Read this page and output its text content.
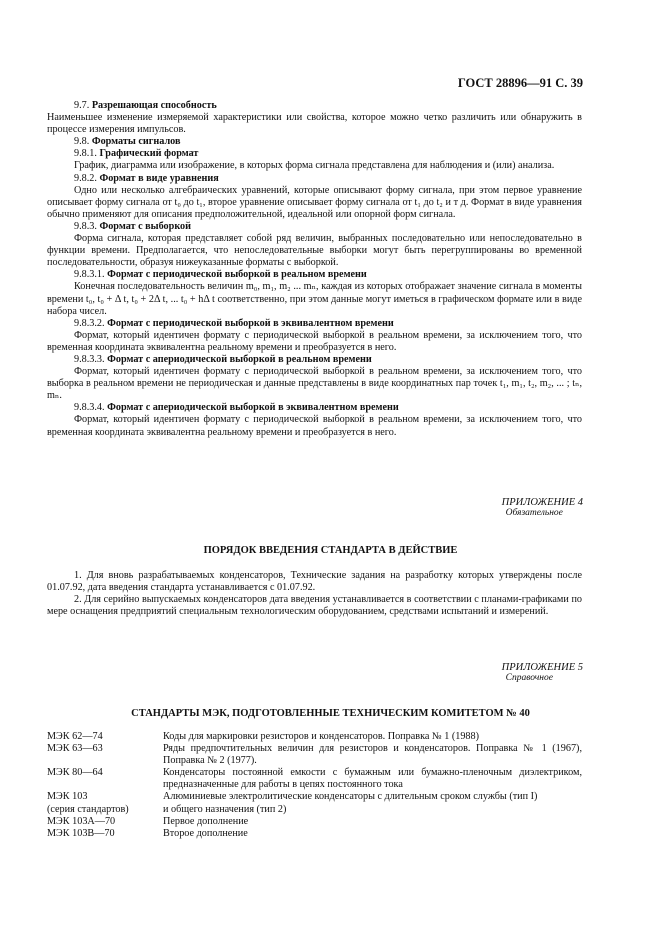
ГОСТ 28896—91 С. 39

9.7. Разрешающая способность

Наименьшее изменение измеряемой характеристики или свойства, которое можно четко различить или обнаружить в процессе измерения импульсов.

9.8. Форматы сигналов

9.8.1. Графический формат

График, диаграмма или изображение, в которых форма сигнала представлена для наблюдения и (или) анализа.

9.8.2. Формат в виде уравнения

Одно или несколько алгебраических уравнений, которые описывают форму сигнала, при этом первое уравнение описывает форму сигнала от t₀ до t₁, второе уравнение описывает форму сигнала от t₁ до t₂ и т д. Формат в виде уравнения обычно применяют для описания предположительной, идеальной или опорной форм сигнала.

9.8.3. Формат с выборкой

Форма сигнала, которая представляет собой ряд величин, выбранных последовательно или непоследовательно в функции времени. Предполагается, что непоследовательные выборки могут быть перегруппированы во временной последовательности, образуя нижеуказанные форматы с выборкой.

9.8.3.1. Формат с периодической выборкой в реальном времени

Конечная последовательность величин m₀, m₁, m₂ ... mₙ, каждая из которых отображает значение сигнала в моменты времени t₀, t₀ + Δ t, t₀ + 2Δ t, ... t₀ + hΔ t соответственно, при этом данные могут иметься в графическом формате или в виде набора чисел.

9.8.3.2. Формат с периодической выборкой в эквивалентном времени

Формат, который идентичен формату с периодической выборкой в реальном времени, за исключением того, что временная координата эквивалентна реальному времени и преобразуется в него.

9.8.3.3. Формат с апериодической выборкой в реальном времени

Формат, который идентичен формату с периодической выборкой в реальном времени, за исключением того, что выборка в реальном времени не периодическая и данные представлены в виде координатных пар точек t₁, m₁, t₂, m₂, ... ; tₙ, mₙ.

9.8.3.4. Формат с апериодической выборкой в эквивалентном времени

Формат, который идентичен формату с периодической выборкой в реальном времени, за исключением того, что временная координата эквивалентна реальному времени и преобразуется в него.

ПРИЛОЖЕНИЕ 4
Обязательное
ПОРЯДОК ВВЕДЕНИЯ СТАНДАРТА В ДЕЙСТВИЕ

1. Для вновь разрабатываемых конденсаторов, Технические задания на разработку которых утверждены после 01.07.92, дата введения стандарта устанавливается с 01.07.92.

2. Для серийно выпускаемых конденсаторов дата введения устанавливается в соответствии с планами-графиками по мере оснащения предприятий специальным технологическим оборудованием, средствами испытаний и измерений.

ПРИЛОЖЕНИЕ 5
Справочное
СТАНДАРТЫ МЭК, ПОДГОТОВЛЕННЫЕ ТЕХНИЧЕСКИМ КОМИТЕТОМ № 40
МЭК 62—74	Коды для маркировки резисторов и конденсаторов. Поправка № 1 (1988)
МЭК 63—63	Ряды предпочтительных величин для резисторов и конденсаторов. Поправка № 1 (1967), Поправка № 2 (1977).
МЭК 80—64	Конденсаторы постоянной емкости с бумажным или бумажно-пленочным диэлектриком, предназначенные для работы в цепях постоянного тока
МЭК 103	Алюминиевые электролитические конденсаторы с длительным сроком службы (тип I)
(серия стандартов)	и общего назначения (тип 2)
МЭК 103А—70	Первое дополнение
МЭК 103В—70	Второе дополнение
